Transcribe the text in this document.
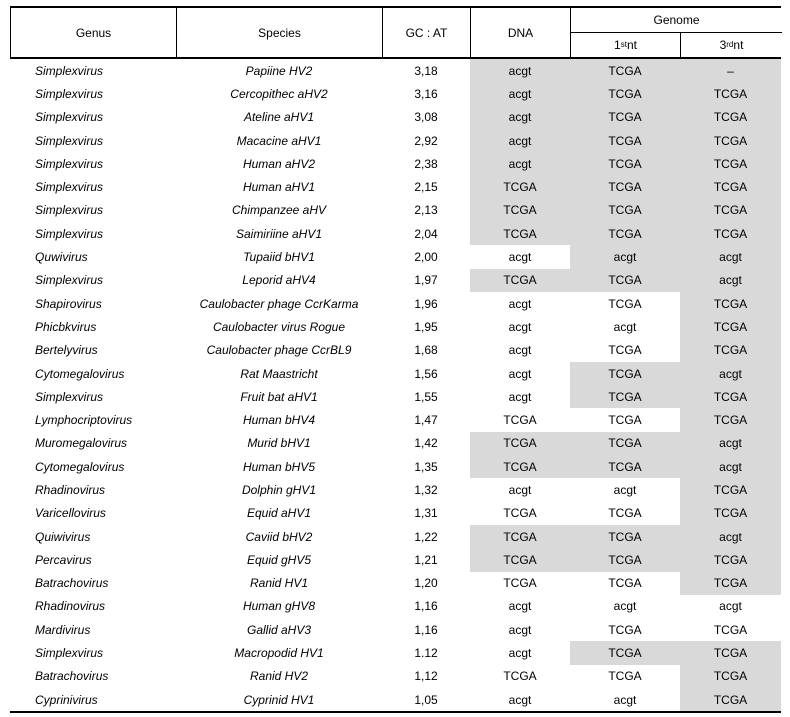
Genus	Species	GC : AT	DNA
Genome
1 st nt	3 rd nt
Simplexvirus	Papiine HV2	3,18	acgt	TCGA	–
Simplexvirus	Cercopithec aHV2	3,16	acgt	TCGA	TCGA
Simplexvirus	Ateline aHV1	3,08	acgt	TCGA	TCGA
Simplexvirus	Macacine aHV1	2,92	acgt	TCGA	TCGA
Simplexvirus	Human aHV2	2,38	acgt	TCGA	TCGA
Simplexvirus	Human aHV1	2,15	TCGA	TCGA	TCGA
Simplexvirus	Chimpanzee aHV	2,13	TCGA	TCGA	TCGA
Simplexvirus	Saimiriine aHV1	2,04	TCGA	TCGA	TCGA
Quwivirus	Tupaiid bHV1	2,00	acgt	acgt	acgt
Simplexvirus	Leporid aHV4	1,97	TCGA	TCGA	acgt
Shapirovirus	Caulobacter phage CcrKarma	1,96	acgt	TCGA	TCGA
Phicbkvirus	Caulobacter virus Rogue	1,95	acgt	acgt	TCGA
Bertelyvirus	Caulobacter phage CcrBL9	1,68	acgt	TCGA	TCGA
Cytomegalovirus	Rat Maastricht	1,56	acgt	TCGA	acgt
Simplexvirus	Fruit bat aHV1	1,55	acgt	TCGA	TCGA
Lymphocriptovirus	Human bHV4	1,47	TCGA	TCGA	TCGA
Muromegalovirus	Murid bHV1	1,42	TCGA	TCGA	acgt
Cytomegalovirus	Human bHV5	1,35	TCGA	TCGA	acgt
Rhadinovirus	Dolphin gHV1	1,32	acgt	acgt	TCGA
Varicellovirus	Equid aHV1	1,31	TCGA	TCGA	TCGA
Quiwivirus	Caviid bHV2	1,22	TCGA	TCGA	acgt
Percavirus	Equid gHV5	1,21	TCGA	TCGA	TCGA
Batrachovirus	Ranid HV1	1,20	TCGA	TCGA	TCGA
Rhadinovirus	Human gHV8	1,16	acgt	acgt	acgt
Mardivirus	Gallid aHV3	1,16	acgt	TCGA	TCGA
Simplexvirus	Macropodid HV1	1.12	acgt	TCGA	TCGA
Batrachovirus	Ranid HV2	1,12	TCGA	TCGA	TCGA
Cyprinivirus	Cyprinid HV1	1,05	acgt	acgt	TCGA
